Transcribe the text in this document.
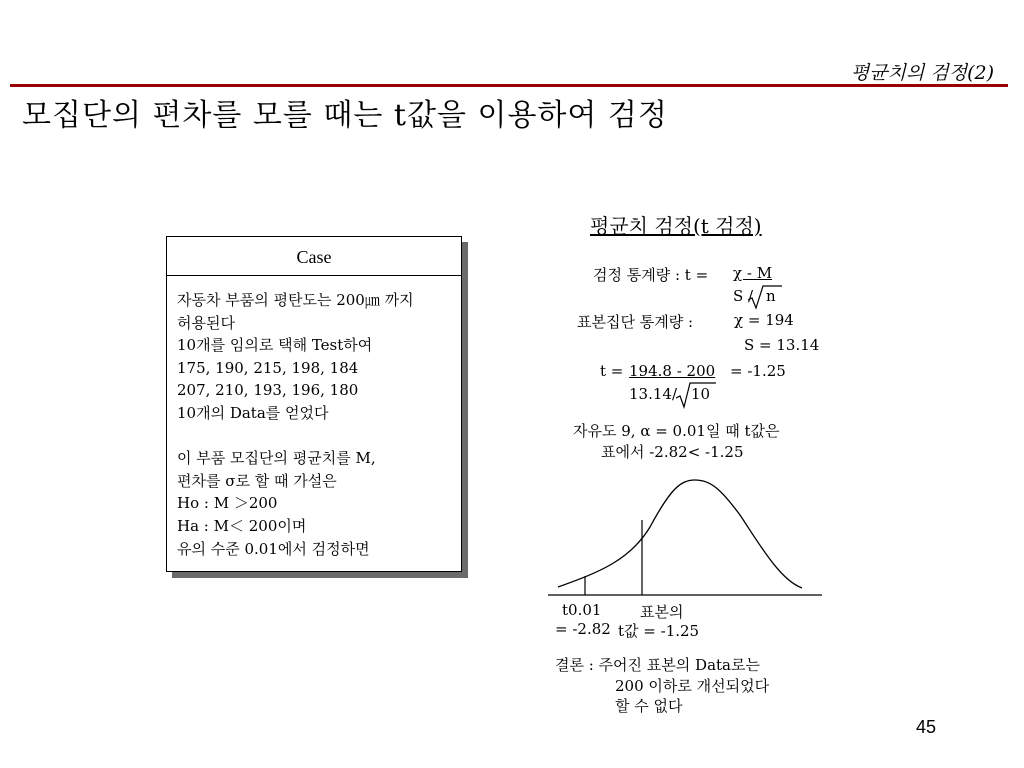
평균치의 검정(2)
모집단의 편차를 모를 때는 t값을 이용하여 검정
Case
자동차 부품의 평탄도는 200㎛ 까지
허용된다
10개를 임의로 택해 Test하여
175, 190, 215, 198, 184
207, 210, 193, 196, 180
10개의 Data를 얻었다
이 부품 모집단의 평균치를 M,
편차를 σ로 할 때 가설은
Ho : M ＞200
Ha : M＜ 200이며
유의 수준 0.01에서 검정하면
평균치 검정(t 검정)
검정 통계량 : t = χ - M
S / n
표본집단 통계량 :	χ = 194
S = 13.14
t = 194.8 - 200 = -1.25
13.14/ 10
자유도 9, α = 0.01일 때 t값은
표에서 -2.82< -1.25
t0.01
= -2.82
표본의
t값 = -1.25
결론 : 주어진 표본의 Data로는
200 이하로 개선되었다
할 수 없다
45
